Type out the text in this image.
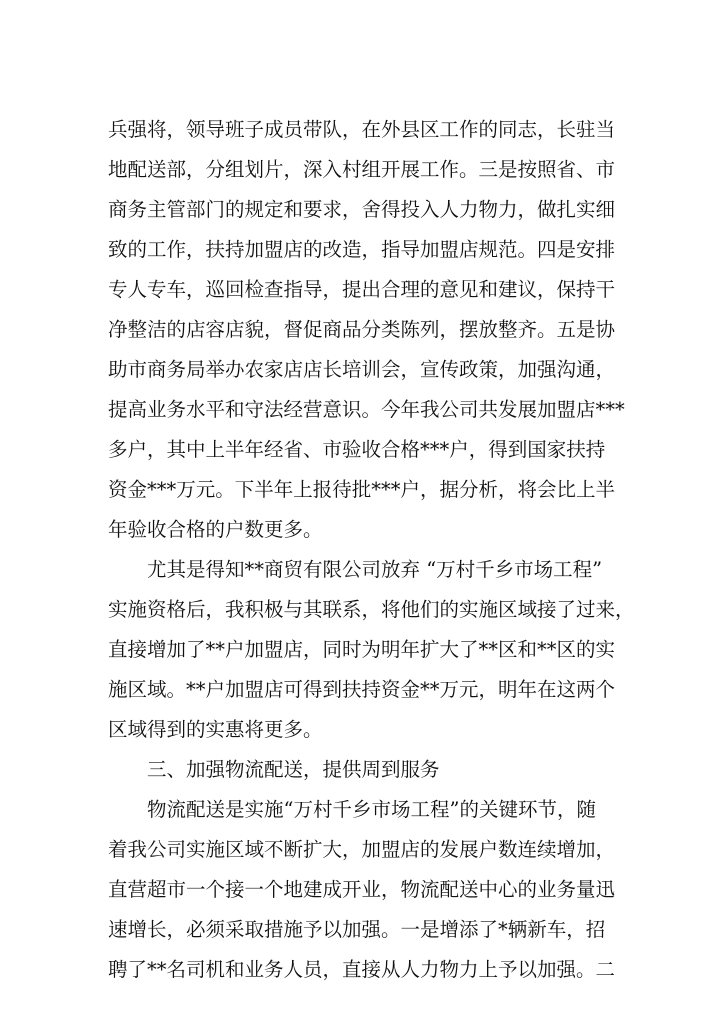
兵强将，领导班子成员带队，在外县区工作的同志，长驻当
地配送部，分组划片，深入村组开展工作。三是按照省、市
商务主管部门的规定和要求，舍得投入人力物力，做扎实细
致的工作，扶持加盟店的改造，指导加盟店规范。四是安排
专人专车，巡回检查指导，提出合理的意见和建议，保持干
净整洁的店容店貌，督促商品分类陈列，摆放整齐。五是协
助市商务局举办农家店店长培训会，宣传政策，加强沟通，
提高业务水平和守法经营意识。今年我公司共发展加盟店***
多户，其中上半年经省、市验收合格***户，得到国家扶持
资金***万元。下半年上报待批***户，据分析，将会比上半
年验收合格的户数更多。
尤其是得知**商贸有限公司放弃 “万村千乡市场工程”
实施资格后，我积极与其联系，将他们的实施区域接了过来，
直接增加了**户加盟店，同时为明年扩大了**区和**区的实
施区域。**户加盟店可得到扶持资金**万元，明年在这两个
区域得到的实惠将更多。
三、加强物流配送，提供周到服务
物流配送是实施“万村千乡市场工程”的关键环节，随
着我公司实施区域不断扩大，加盟店的发展户数连续增加，
直营超市一个接一个地建成开业，物流配送中心的业务量迅
速增长，必须采取措施予以加强。一是增添了*辆新车，招
聘了**名司机和业务人员，直接从人力物力上予以加强。二
